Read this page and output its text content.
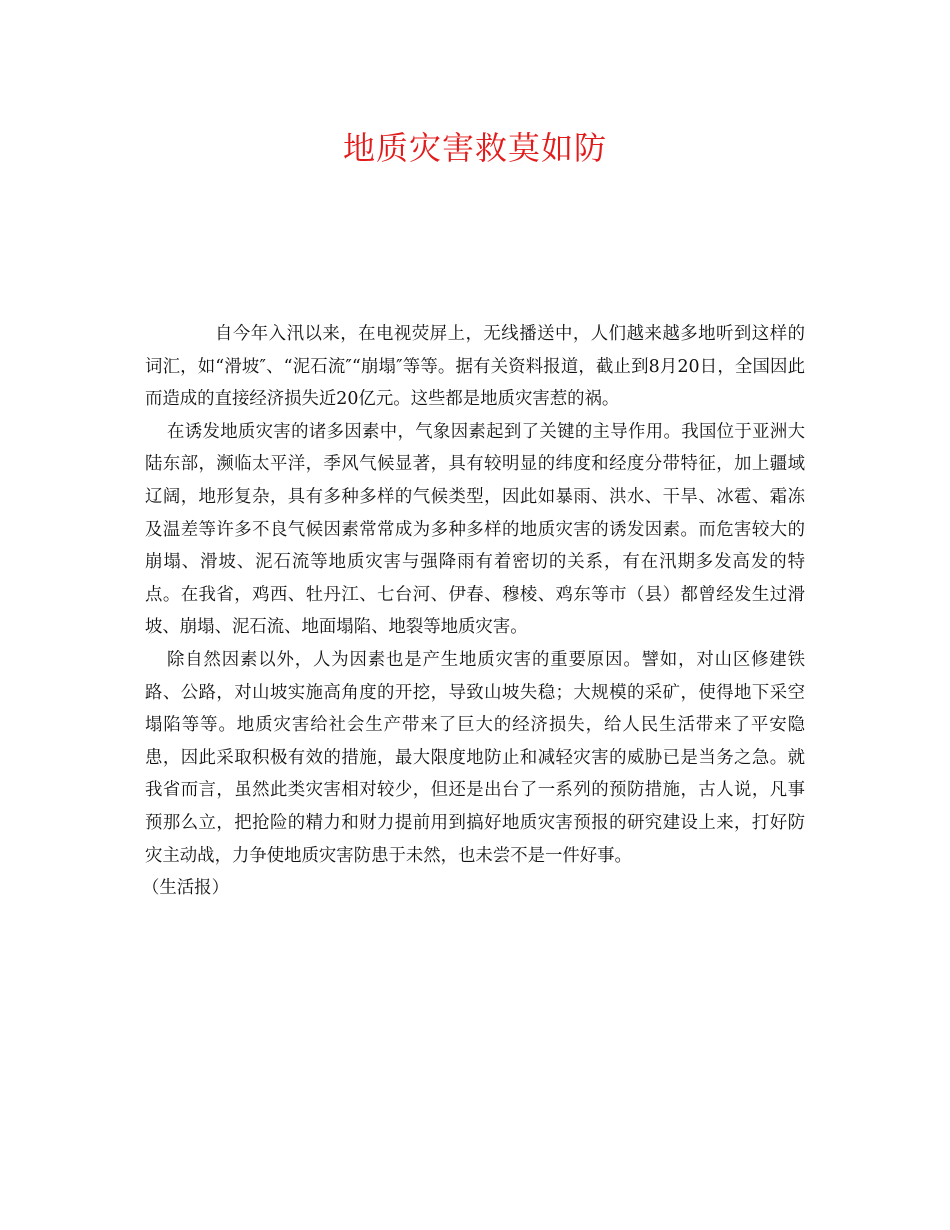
地质灾害救莫如防

自今年入汛以来，在电视荧屏上，无线播送中，人们越来越多地听到这样的词汇，如“滑坡″、“泥石流″“崩塌″等等。据有关资料报道，截止到8月20日，全国因此而造成的直接经济损失近20亿元。这些都是地质灾害惹的祸。

在诱发地质灾害的诸多因素中，气象因素起到了关键的主导作用。我国位于亚洲大陆东部，濒临太平洋，季风气候显著，具有较明显的纬度和经度分带特征，加上疆域辽阔，地形复杂，具有多种多样的气候类型，因此如暴雨、洪水、干旱、冰雹、霜冻及温差等许多不良气候因素常常成为多种多样的地质灾害的诱发因素。而危害较大的崩塌、滑坡、泥石流等地质灾害与强降雨有着密切的关系，有在汛期多发高发的特点。在我省，鸡西、牡丹江、七台河、伊春、穆棱、鸡东等市（县）都曾经发生过滑坡、崩塌、泥石流、地面塌陷、地裂等地质灾害。

除自然因素以外，人为因素也是产生地质灾害的重要原因。譬如，对山区修建铁路、公路，对山坡实施高角度的开挖，导致山坡失稳；大规模的采矿，使得地下采空塌陷等等。地质灾害给社会生产带来了巨大的经济损失，给人民生活带来了平安隐患，因此采取积极有效的措施，最大限度地防止和减轻灾害的威胁已是当务之急。就我省而言，虽然此类灾害相对较少，但还是出台了一系列的预防措施，古人说，凡事预那么立，把抢险的精力和财力提前用到搞好地质灾害预报的研究建设上来，打好防灾主动战，力争使地质灾害防患于未然，也未尝不是一件好事。

（生活报）
